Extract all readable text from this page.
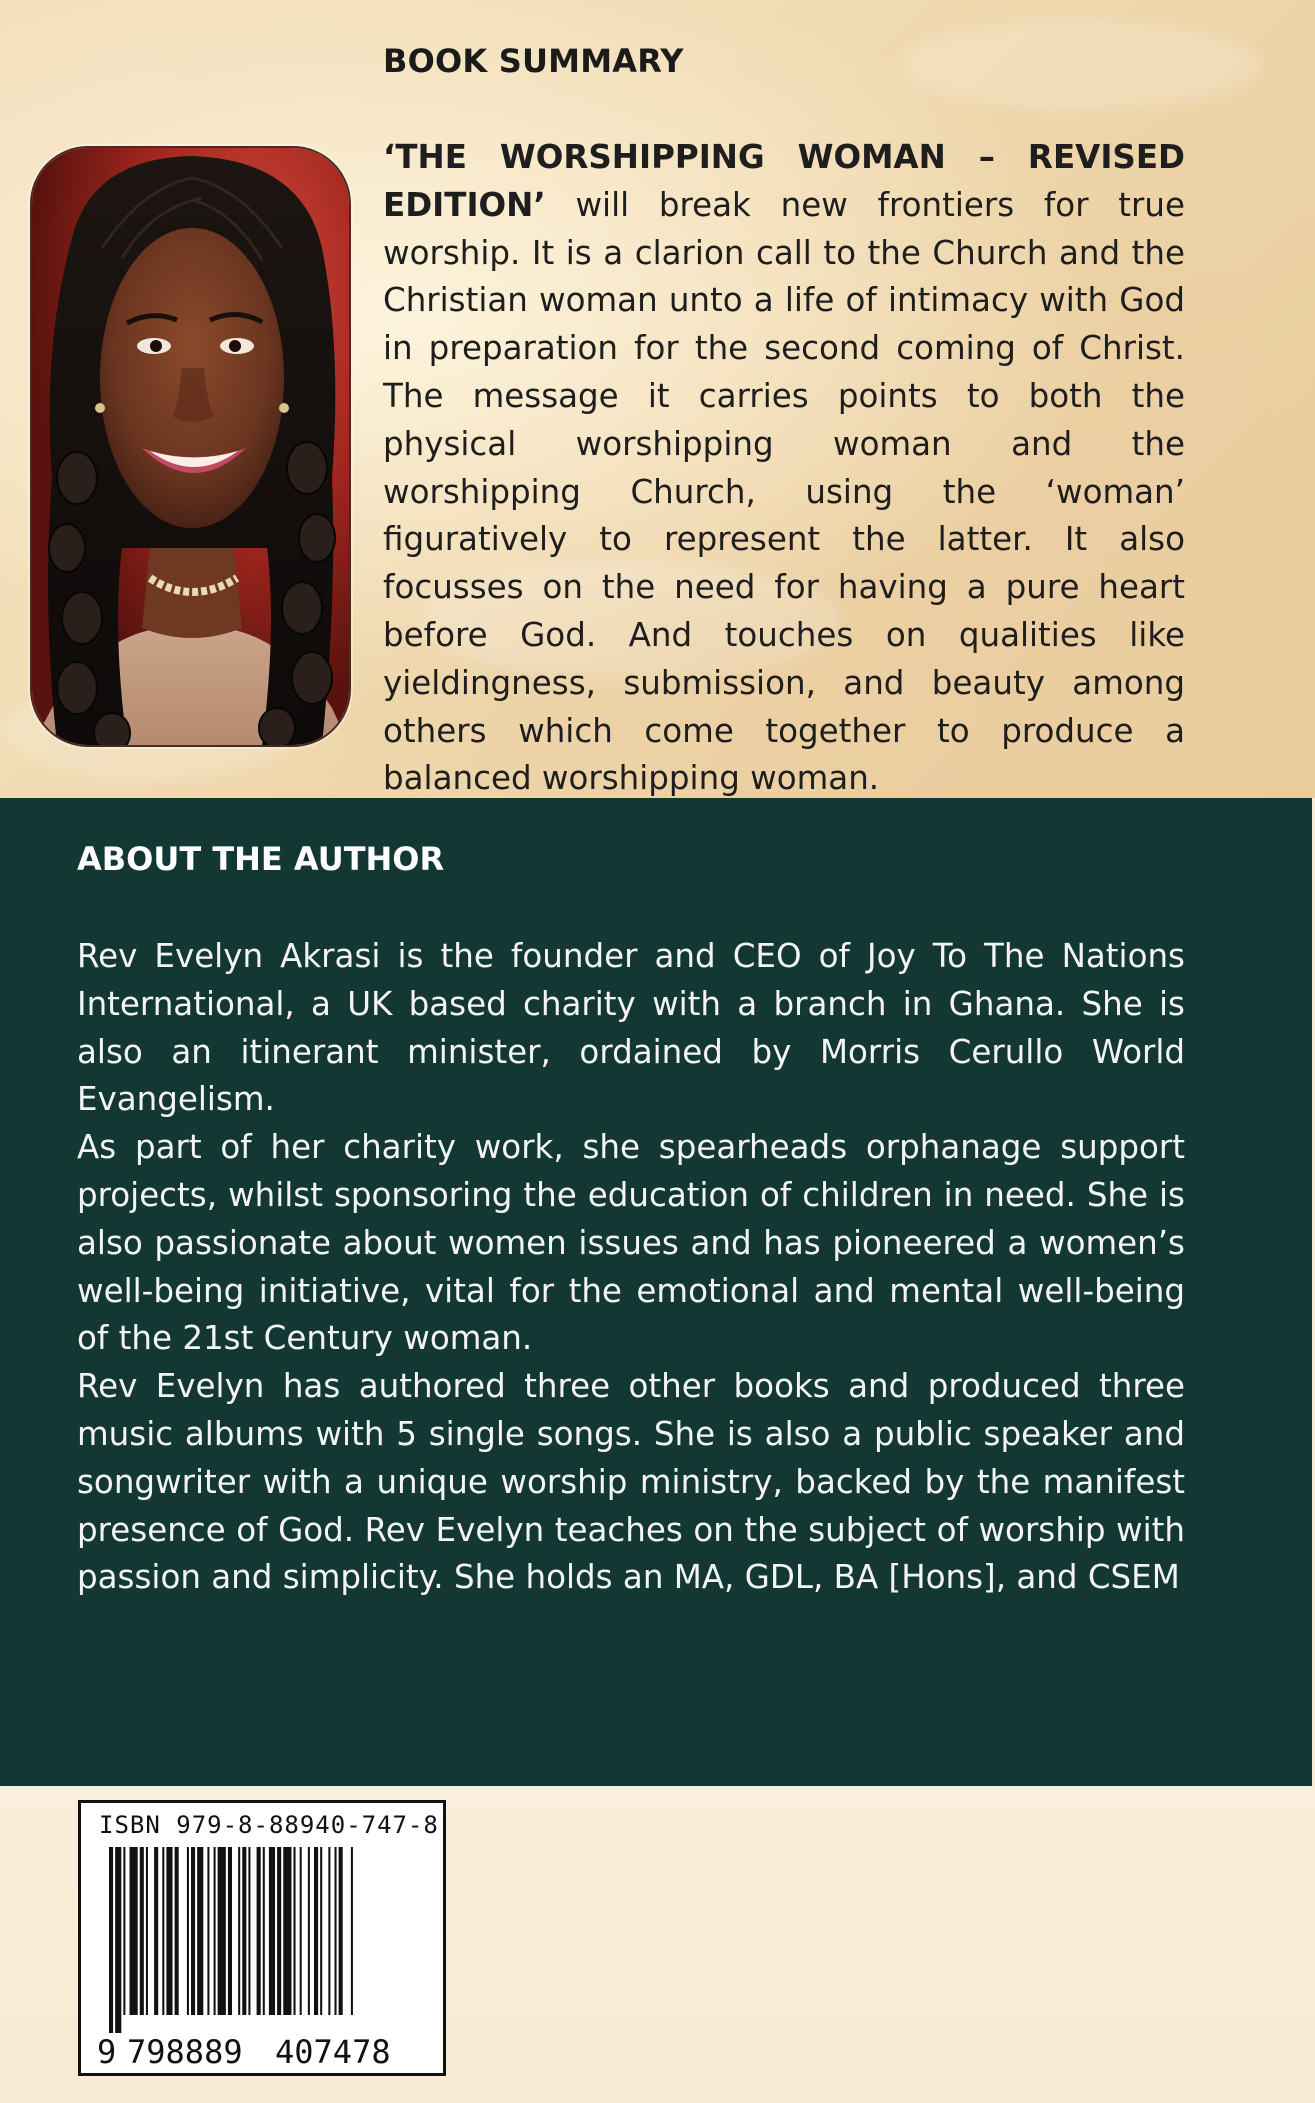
BOOK SUMMARY

‘THE WORSHIPPING WOMAN – REVISED EDITION’ will break new frontiers for true worship. It is a clarion call to the Church and the Christian woman unto a life of intimacy with God in preparation for the second coming of Christ. The message it carries points to both the physical worshipping woman and the worshipping Church, using the ‘woman’ figuratively to represent the latter. It also focusses on the need for having a pure heart before God. And touches on qualities like yieldingness, submission, and beauty among others which come together to produce a balanced worshipping woman.

ABOUT THE AUTHOR

Rev Evelyn Akrasi is the founder and CEO of Joy To The Nations International, a UK based charity with a branch in Ghana. She is also an itinerant minister, ordained by Morris Cerullo World Evangelism.

As part of her charity work, she spearheads orphanage support projects, whilst sponsoring the education of children in need. She is also passionate about women issues and has pioneered a women’s well-being initiative, vital for the emotional and mental well-being of the 21st Century woman.

Rev Evelyn has authored three other books and produced three music albums with 5 single songs. She is also a public speaker and songwriter with a unique worship ministry, backed by the manifest presence of God. Rev Evelyn teaches on the subject of worship with passion and simplicity. She holds an MA, GDL, BA [Hons], and CSEM

ISBN 979-8-88940-747-8
9 798889 407478
